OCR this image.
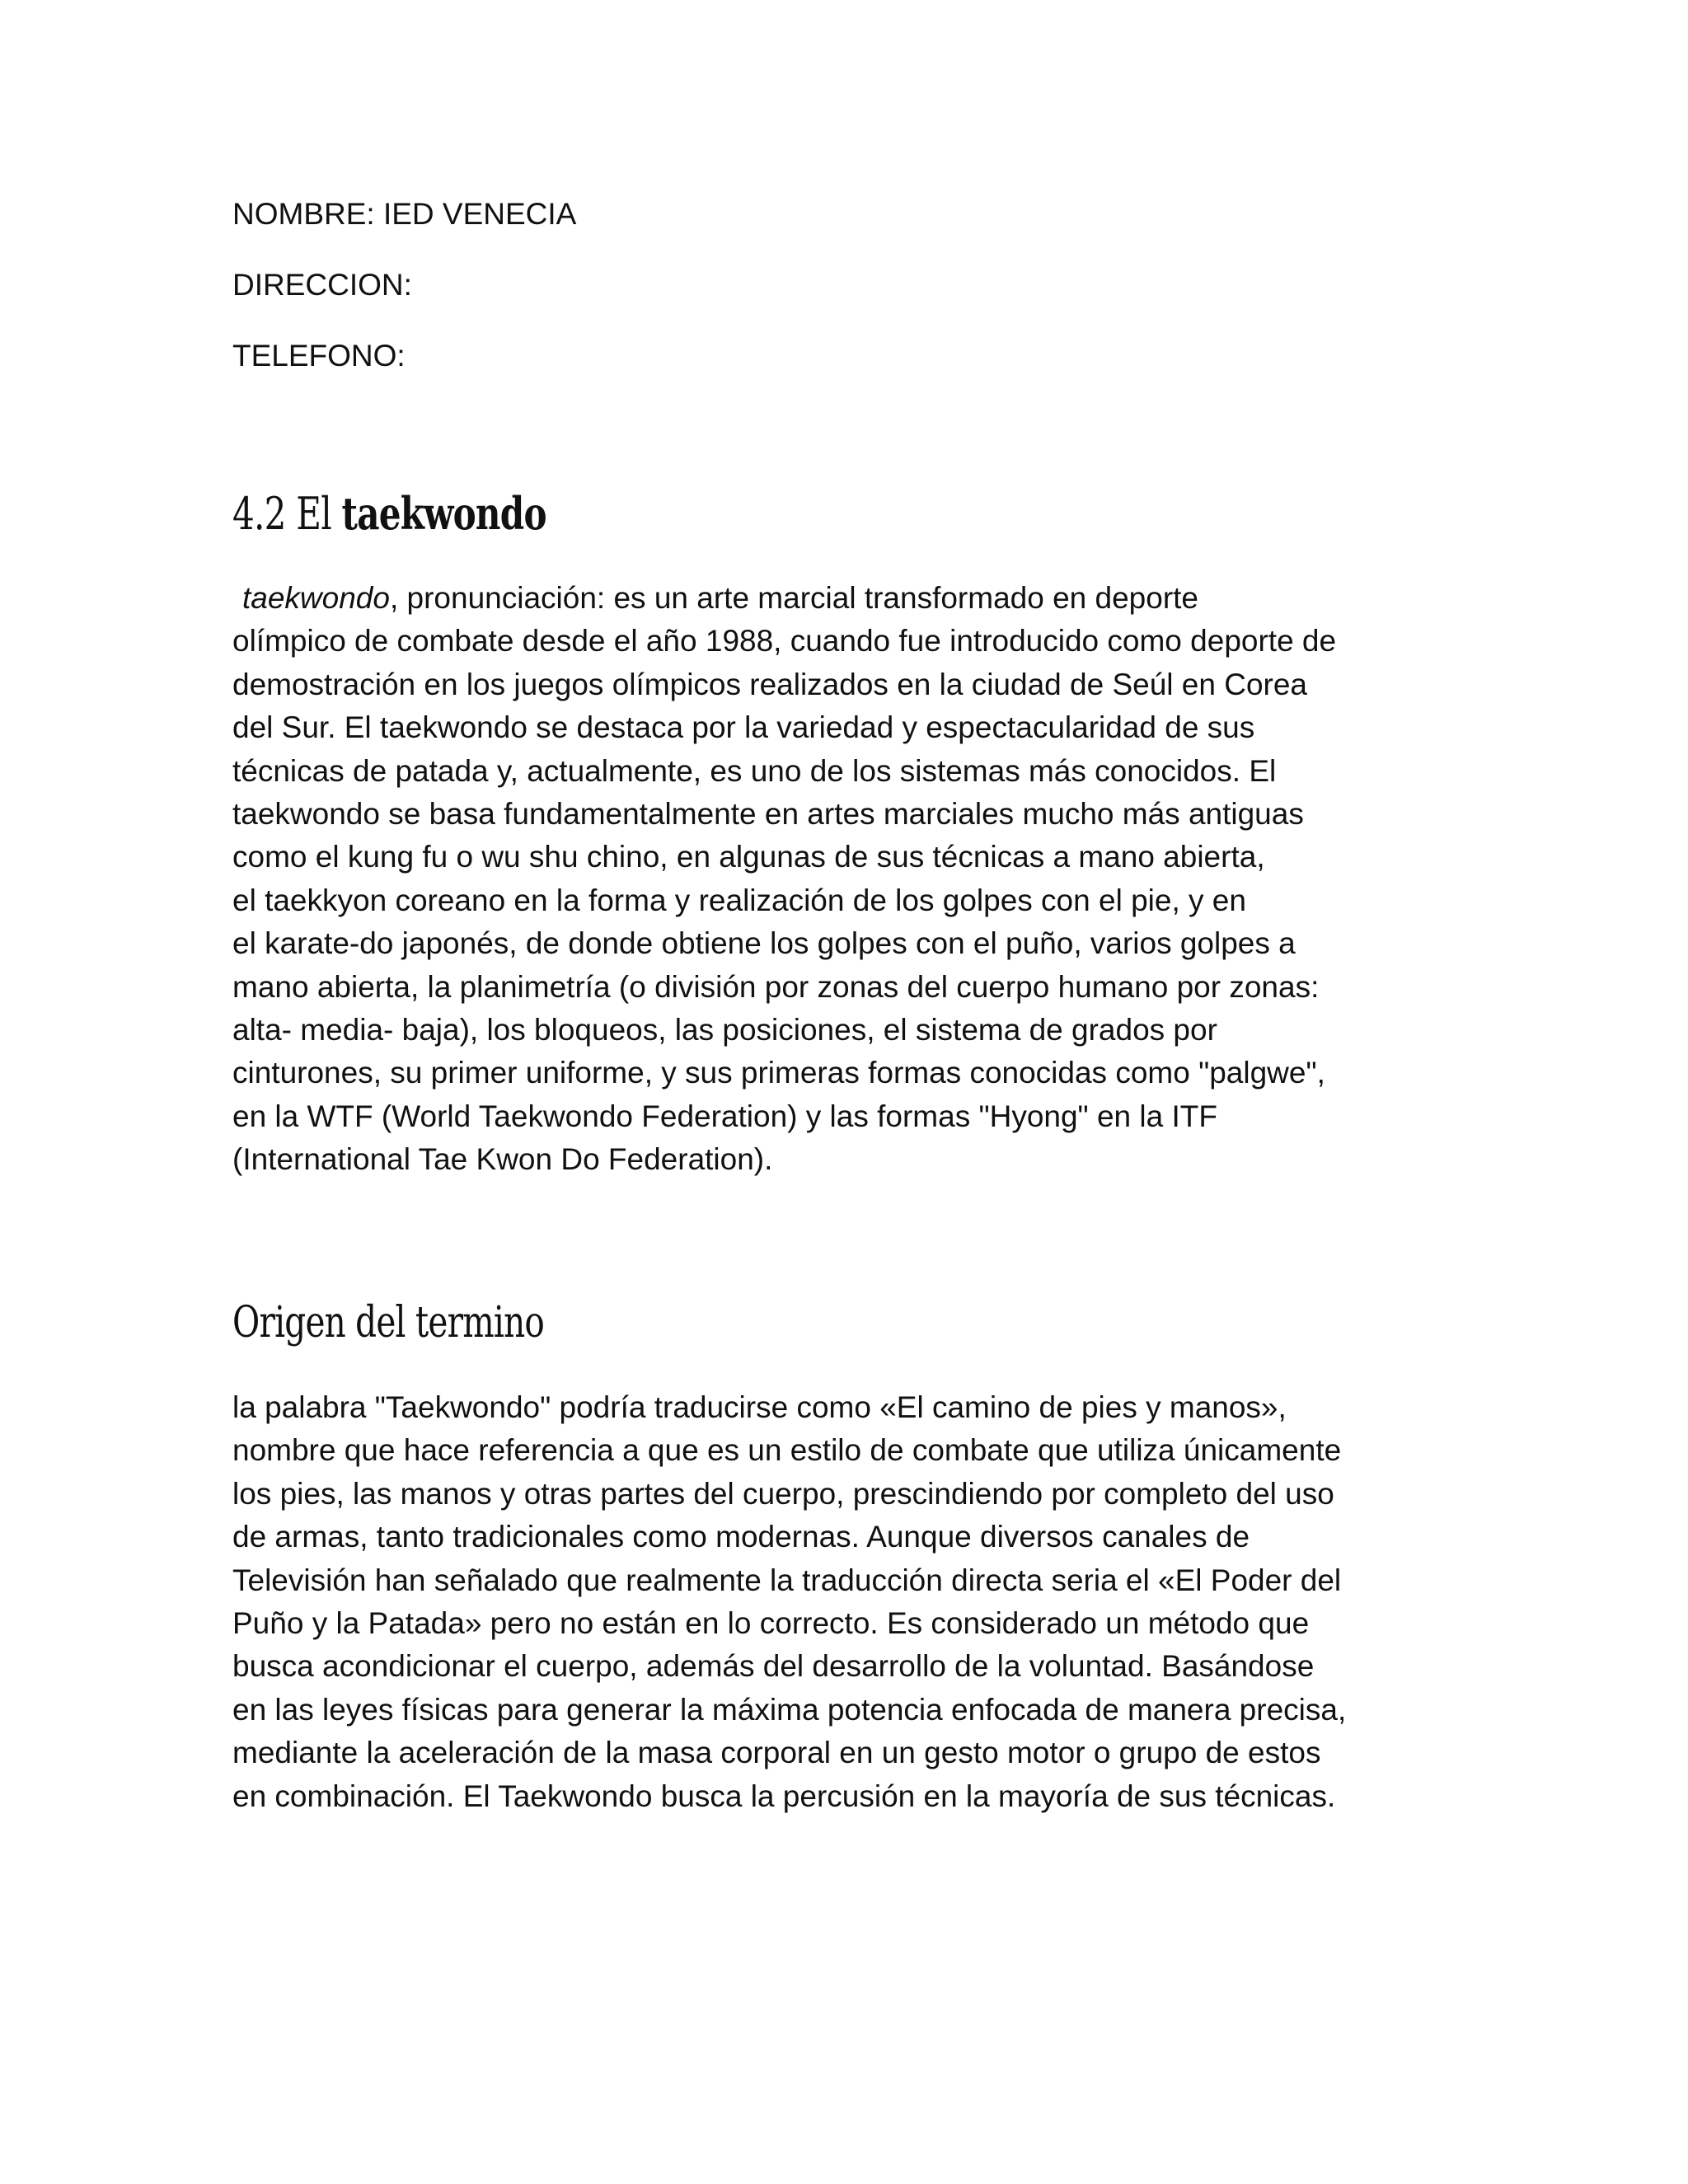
NOMBRE: IED VENECIA
DIRECCION:
TELEFONO:
4.2 El taekwondo
taekwondo, pronunciación: es un arte marcial transformado en deporte
olímpico de combate desde el año 1988, cuando fue introducido como deporte de
demostración en los juegos olímpicos realizados en la ciudad de Seúl en Corea
del Sur. El taekwondo se destaca por la variedad y espectacularidad de sus
técnicas de patada y, actualmente, es uno de los sistemas más conocidos. El
taekwondo se basa fundamentalmente en artes marciales mucho más antiguas
como el kung fu o wu shu chino, en algunas de sus técnicas a mano abierta,
el taekkyon coreano en la forma y realización de los golpes con el pie, y en
el karate-do japonés, de donde obtiene los golpes con el puño, varios golpes a
mano abierta, la planimetría (o división por zonas del cuerpo humano por zonas:
alta- media- baja), los bloqueos, las posiciones, el sistema de grados por
cinturones, su primer uniforme, y sus primeras formas conocidas como "palgwe",
en la WTF (World Taekwondo Federation) y las formas "Hyong" en la ITF
(International Tae Kwon Do Federation).
Origen del termino
la palabra "Taekwondo" podría traducirse como «El camino de pies y manos»,
nombre que hace referencia a que es un estilo de combate que utiliza únicamente
los pies, las manos y otras partes del cuerpo, prescindiendo por completo del uso
de armas, tanto tradicionales como modernas. Aunque diversos canales de
Televisión han señalado que realmente la traducción directa seria el «El Poder del
Puño y la Patada» pero no están en lo correcto. Es considerado un método que
busca acondicionar el cuerpo, además del desarrollo de la voluntad. Basándose
en las leyes físicas para generar la máxima potencia enfocada de manera precisa,
mediante la aceleración de la masa corporal en un gesto motor o grupo de estos
en combinación. El Taekwondo busca la percusión en la mayoría de sus técnicas.
